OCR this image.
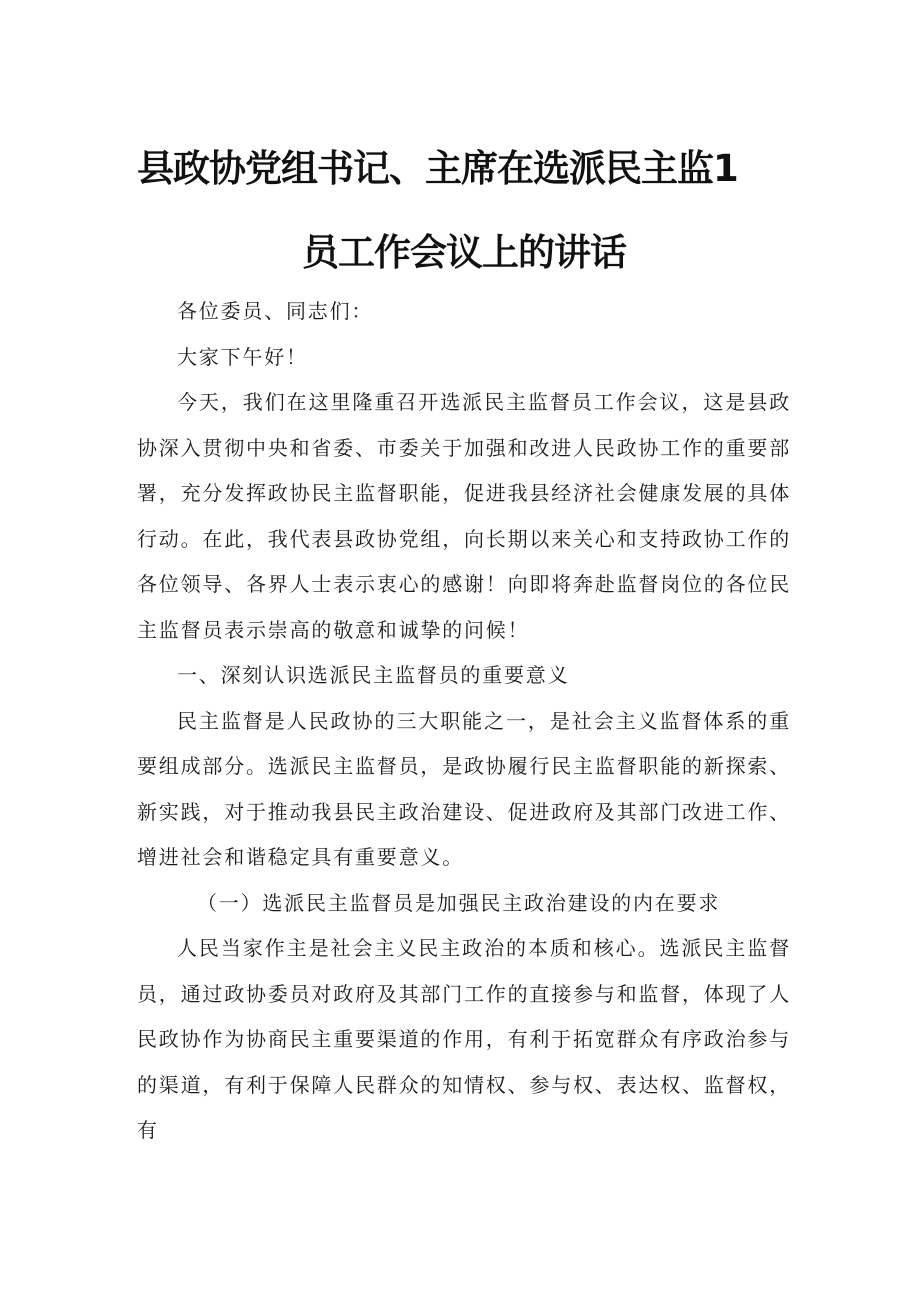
县政协党组书记、主席在选派民主监1
员工作会议上的讲话

各位委员、同志们：

大家下午好！

今天，我们在这里隆重召开选派民主监督员工作会议，这是县政协深入贯彻中央和省委、市委关于加强和改进人民政协工作的重要部署，充分发挥政协民主监督职能，促进我县经济社会健康发展的具体行动。在此，我代表县政协党组，向长期以来关心和支持政协工作的各位领导、各界人士表示衷心的感谢！向即将奔赴监督岗位的各位民主监督员表示崇高的敬意和诚挚的问候！

一、深刻认识选派民主监督员的重要意义

民主监督是人民政协的三大职能之一，是社会主义监督体系的重要组成部分。选派民主监督员，是政协履行民主监督职能的新探索、新实践，对于推动我县民主政治建设、促进政府及其部门改进工作、增进社会和谐稳定具有重要意义。

（一）选派民主监督员是加强民主政治建设的内在要求

人民当家作主是社会主义民主政治的本质和核心。选派民主监督员，通过政协委员对政府及其部门工作的直接参与和监督，体现了人民政协作为协商民主重要渠道的作用，有利于拓宽群众有序政治参与的渠道，有利于保障人民群众的知情权、参与权、表达权、监督权，有
